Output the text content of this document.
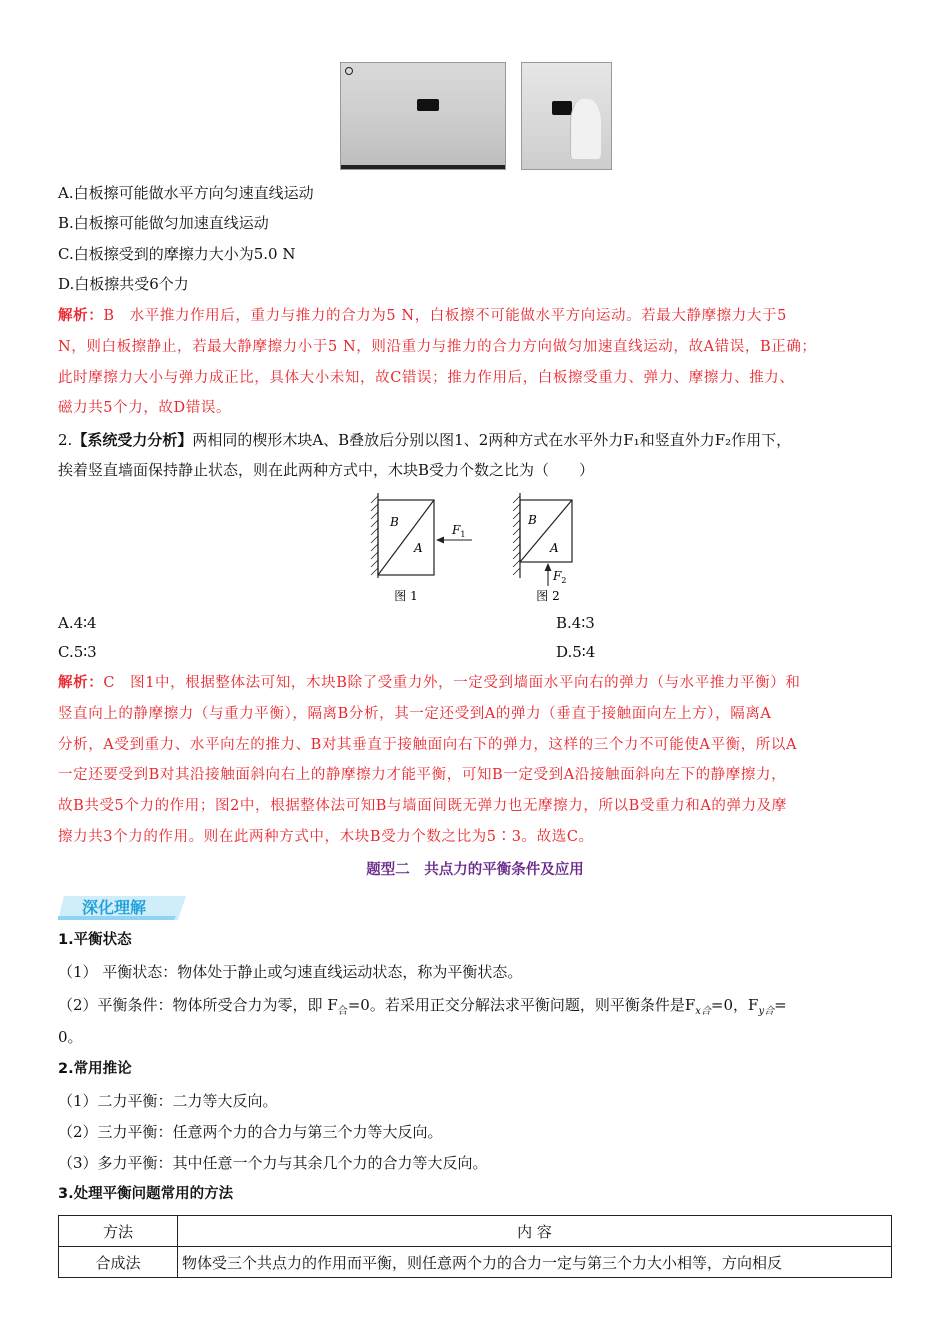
A.白板擦可能做水平方向匀速直线运动
B.白板擦可能做匀加速直线运动
C.白板擦受到的摩擦力大小为5.0 N
D.白板擦共受6个力
解析：B　水平推力作用后，重力与推力的合力为5 N，白板擦不可能做水平方向运动。若最大静摩擦力大于5
N，则白板擦静止，若最大静摩擦力小于5 N，则沿重力与推力的合力方向做匀加速直线运动，故A错误，B正确；
此时摩擦力大小与弹力成正比，具体大小未知，故C错误；推力作用后，白板擦受重力、弹力、摩擦力、推力、
磁力共5个力，故D错误。
2.【系统受力分析】两相同的楔形木块A、B叠放后分别以图1、2两种方式在水平外力F₁和竖直外力F₂作用下，
挨着竖直墙面保持静止状态，则在此两种方式中，木块B受力个数之比为（　　）
B
A
$F_1$
图 1
B
A
$F_2$
图 2
A.4∶4	B.4∶3
C.5∶3	D.5∶4
解析：C　图1中，根据整体法可知，木块B除了受重力外，一定受到墙面水平向右的弹力（与水平推力平衡）和
竖直向上的静摩擦力（与重力平衡），隔离B分析，其一定还受到A的弹力（垂直于接触面向左上方），隔离A
分析，A受到重力、水平向左的推力、B对其垂直于接触面向右下的弹力，这样的三个力不可能使A平衡，所以A
一定还要受到B对其沿接触面斜向右上的静摩擦力才能平衡，可知B一定受到A沿接触面斜向左下的静摩擦力，
故B共受5个力的作用；图2中，根据整体法可知B与墙面间既无弹力也无摩擦力，所以B受重力和A的弹力及摩
擦力共3个力的作用。则在此两种方式中，木块B受力个数之比为5∶3。故选C。
题型二　共点力的平衡条件及应用
深化理解
1.平衡状态
（1） 平衡状态：物体处于静止或匀速直线运动状态，称为平衡状态。
（2）平衡条件：物体所受合力为零，即 $F_合=0$。若采用正交分解法求平衡问题，则平衡条件是$F_{x合}=0$，$F_{y合}=$
0。
2.常用推论
（1）二力平衡：二力等大反向。
（2）三力平衡：任意两个力的合力与第三个力等大反向。
（3）多力平衡：其中任意一个力与其余几个力的合力等大反向。
3.处理平衡问题常用的方法
方法	内 容
合成法	物体受三个共点力的作用而平衡，则任意两个力的合力一定与第三个力大小相等，方向相反
